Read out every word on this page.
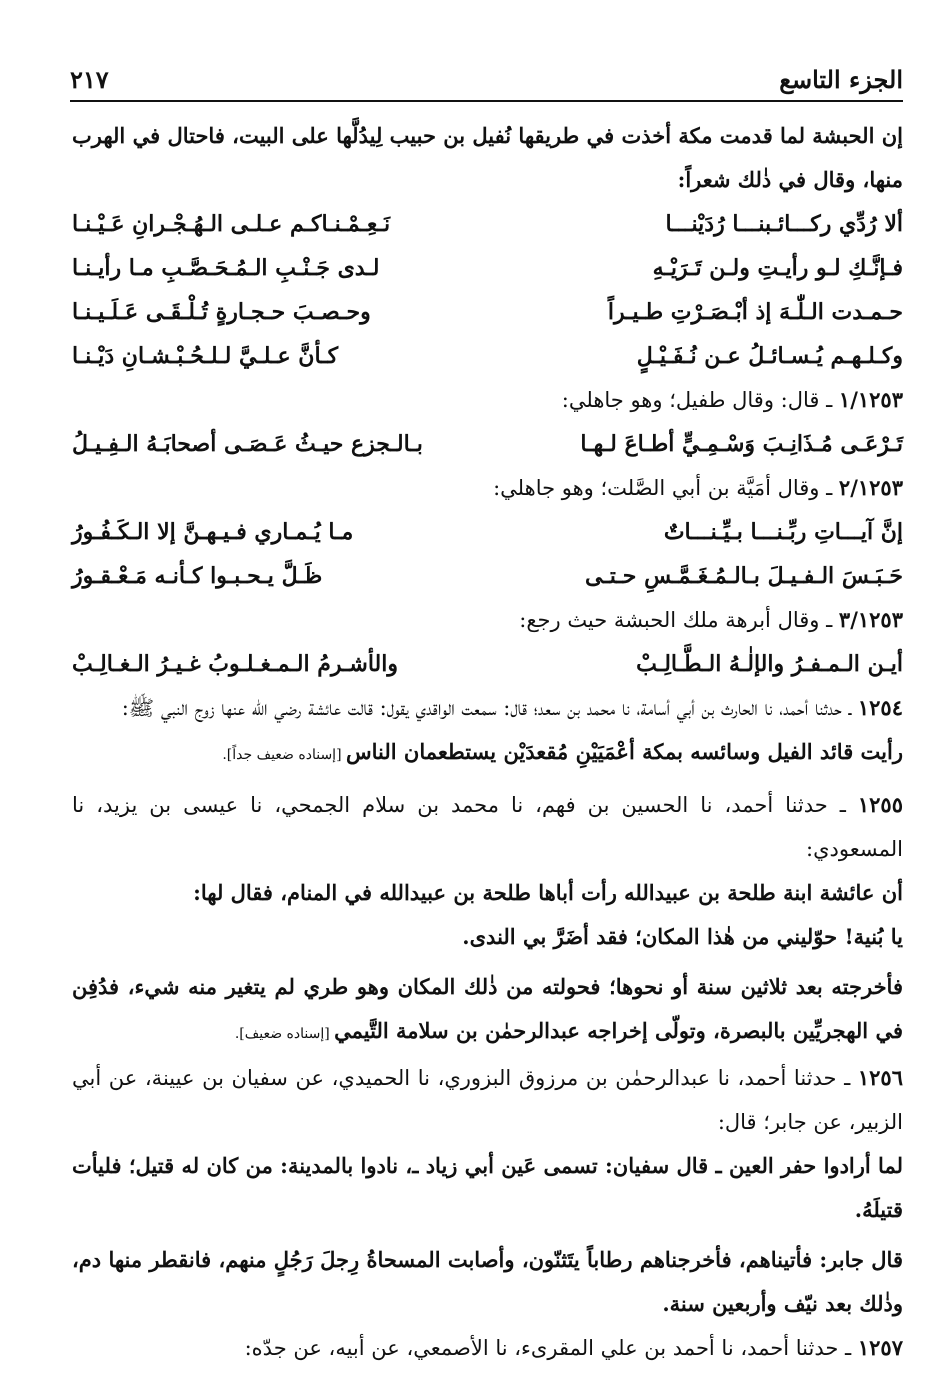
الجزء التاسع
٢١٧

إن الحبشة لما قدمت مكة أخذت في طريقها نُفيل بن حبيب لِيدُلَّها على البيت، فاحتال في الهرب منها، وقال في ذٰلك شعراً:

ألا رُدِّي ركـــائـبنـــا رُدَيْنـــا
نَـعِـمْـنـاكـم عـلـى الـهُـجْـرانِ عَـيْـنـا
فـإنَّـكِ لـو رأيـتِ ولـن تَـرَيْـهِ
لـدى جَـنْـبِ الـمُـحَـصَّـبِ مـا رأيـنـا
حـمـدت الـلّٰـهَ إذ أبْـصَـرْتِ طـيـراً
وحـصـبَ حـجـارةٍ تُـلْـقَـى عَـلَـيـنـا
وكـلـهـم يُـسـائـلُ عـن نُـفَـيْـلٍ
كـأنَّ عـلـيَّ لـلـحُـبْـشـانِ دَيْـنـا

١/١٢٥٣ ـ قال: وقال طفيل؛ وهو جاهلي:

تَـرْعَـى مُـذَانِـبَ وَسْـمِـيٍّ أطـاعَ لـهـا
بـالـجزع حيـثُ عَـصَـى أصحابَـهُ الـفِـيـلُ

٢/١٢٥٣ ـ وقال أمَيَّة بن أبي الصَّلت؛ وهو جاهلي:

إنَّ آيـــاتِ ربِّـنـــا بـيِّـنـــاتٌ
مـا يُـمـاري فـيـهـنَّ إلا الـكَـفُـورُ
حَـبَـسَ الـفـيـلَ بـالـمُـغَـمَّـسِ حـتـى
ظَـلَّ يـحـبـوا كـأنـه مَـعْـقـورُ

٣/١٢٥٣ ـ وقال أبرهة ملك الحبشة حيث رجع:

أيـن الـمـفـرُ والإلٰـهُ الـطَّـالِـبْ
والأشـرمُ الـمـغـلـوبُ غـيـرُ الـغـالِـبْ

١٢٥٤ ـ حدثنا أحمد، نا الحارث بن أبي أسامة، نا محمد بن سعد؛ قال: سمعت الواقدي يقول: قالت عائشة رضي الله عنها زوج النبي ﷺ:

رأيت قائد الفيل وسائسه بمكة أعْمَيَيْنِ مُقعدَيْن يستطعمان الناس [إسناده ضعيف جداً].

١٢٥٥ ـ حدثنا أحمد، نا الحسين بن فهم، نا محمد بن سلام الجمحي، نا عيسى بن يزيد، نا المسعودي:

أن عائشة ابنة طلحة بن عبيدالله رأت أباها طلحة بن عبيدالله في المنام، فقال لها:

يا بُنية! حوّليني من هٰذا المكان؛ فقد أضَرَّ بي الندى.

فأخرجته بعد ثلاثين سنة أو نحوها؛ فحولته من ذٰلك المكان وهو طري لم يتغير منه شيء، فدُفِن في الهجريِّين بالبصرة، وتولّى إخراجه عبدالرحمٰن بن سلامة التَّيمي [إسناده ضعيف].

١٢٥٦ ـ حدثنا أحمد، نا عبدالرحمٰن بن مرزوق البزوري، نا الحميدي، عن سفيان بن عيينة، عن أبي الزبير، عن جابر؛ قال:

لما أرادوا حفر العين ـ قال سفيان: تسمى عَين أبي زياد ـ، نادوا بالمدينة: من كان له قتيل؛ فليأت قتيلَهُ.

قال جابر: فأتيناهم، فأخرجناهم رطاباً يتَثنّون، وأصابت المسحاةُ رِجلَ رَجُلٍ منهم، فانقطر منها دم، وذٰلك بعد نيّف وأربعين سنة.

١٢٥٧ ـ حدثنا أحمد، نا أحمد بن علي المقرىء، نا الأصمعي، عن أبيه، عن جدّه:
